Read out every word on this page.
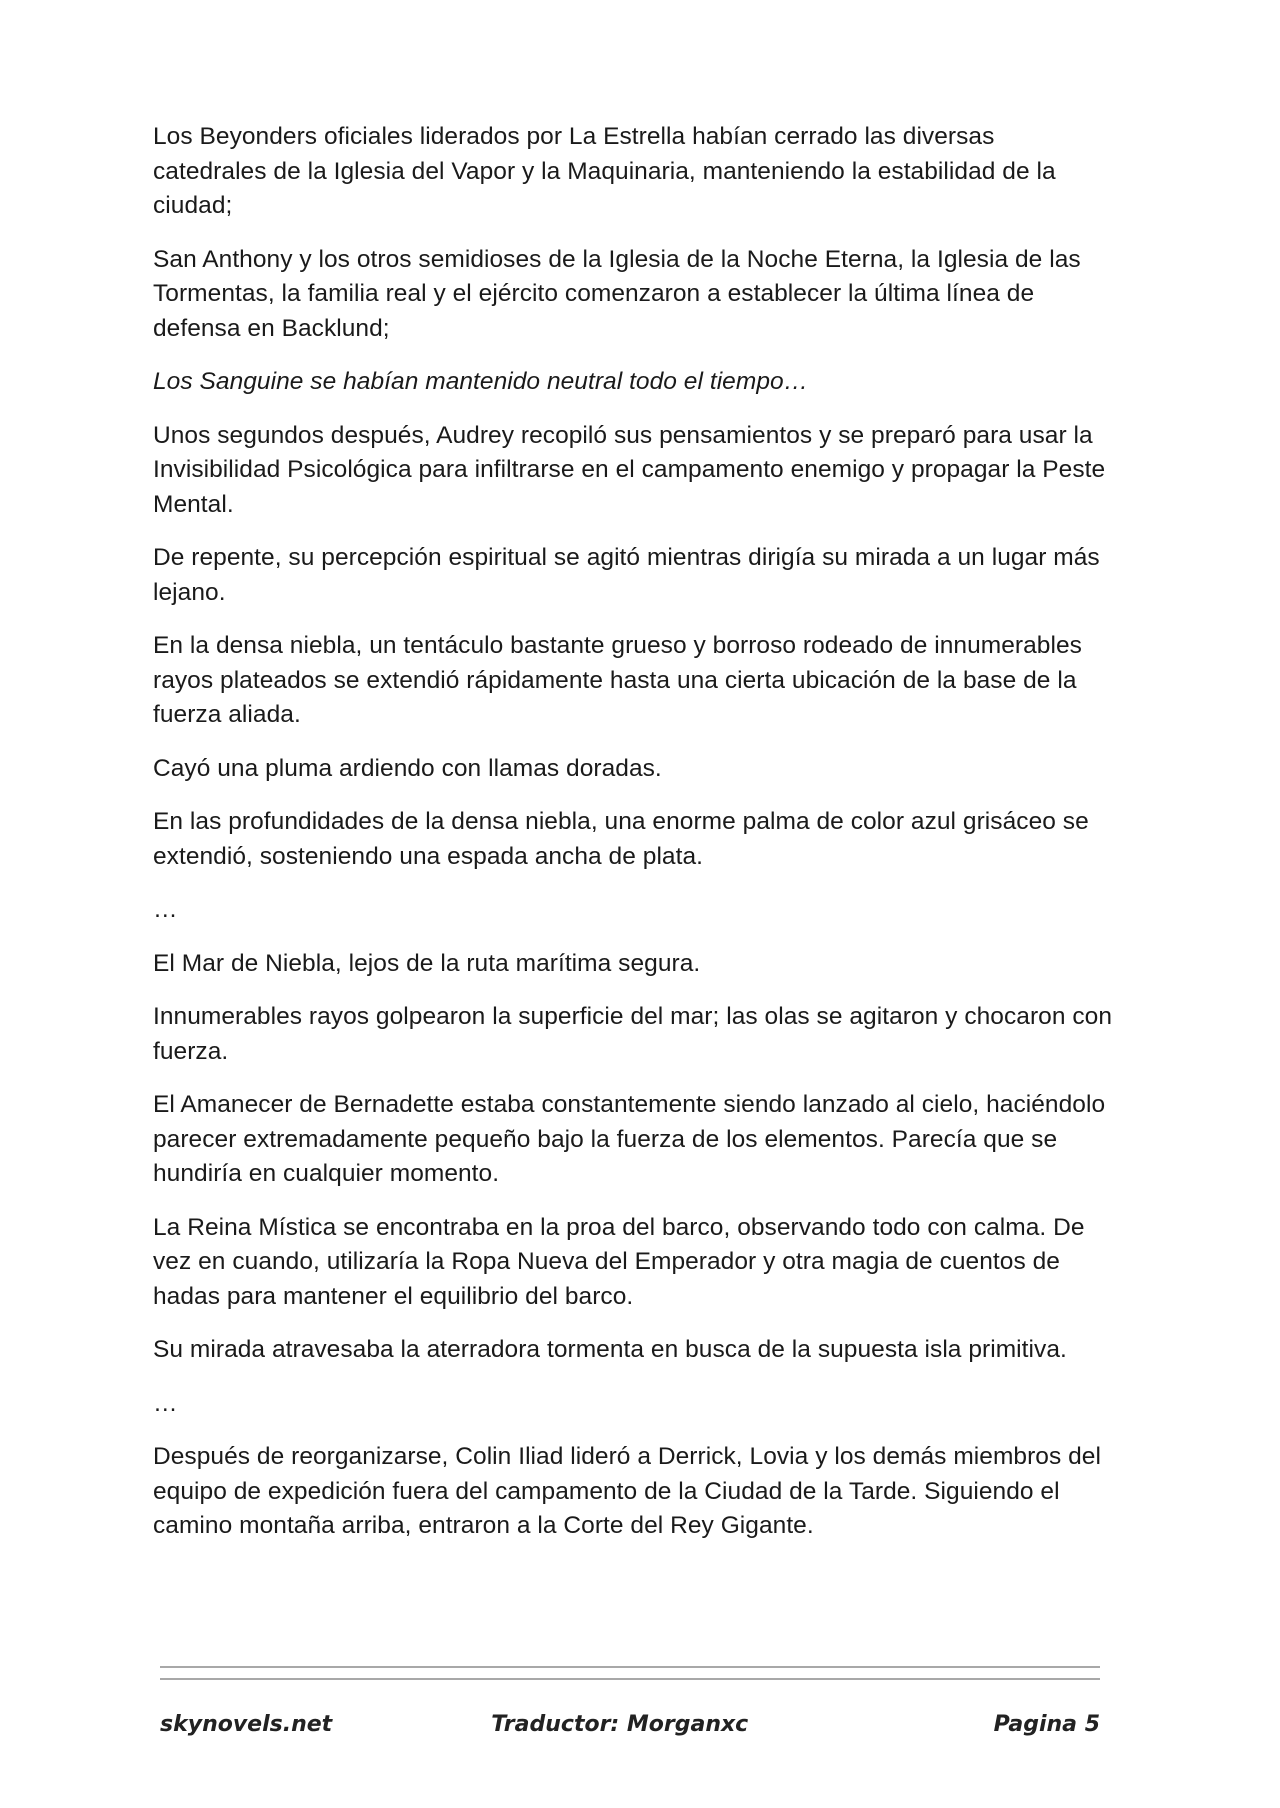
Los Beyonders oficiales liderados por La Estrella habían cerrado las diversas catedrales de la Iglesia del Vapor y la Maquinaria, manteniendo la estabilidad de la ciudad;

San Anthony y los otros semidioses de la Iglesia de la Noche Eterna, la Iglesia de las Tormentas, la familia real y el ejército comenzaron a establecer la última línea de defensa en Backlund;

Los Sanguine se habían mantenido neutral todo el tiempo…

Unos segundos después, Audrey recopiló sus pensamientos y se preparó para usar la Invisibilidad Psicológica para infiltrarse en el campamento enemigo y propagar la Peste Mental.

De repente, su percepción espiritual se agitó mientras dirigía su mirada a un lugar más lejano.

En la densa niebla, un tentáculo bastante grueso y borroso rodeado de innumerables rayos plateados se extendió rápidamente hasta una cierta ubicación de la base de la fuerza aliada.

Cayó una pluma ardiendo con llamas doradas.

En las profundidades de la densa niebla, una enorme palma de color azul grisáceo se extendió, sosteniendo una espada ancha de plata.

…

El Mar de Niebla, lejos de la ruta marítima segura.

Innumerables rayos golpearon la superficie del mar; las olas se agitaron y chocaron con fuerza.

El Amanecer de Bernadette estaba constantemente siendo lanzado al cielo, haciéndolo parecer extremadamente pequeño bajo la fuerza de los elementos. Parecía que se hundiría en cualquier momento.

La Reina Mística se encontraba en la proa del barco, observando todo con calma. De vez en cuando, utilizaría la Ropa Nueva del Emperador y otra magia de cuentos de hadas para mantener el equilibrio del barco.

Su mirada atravesaba la aterradora tormenta en busca de la supuesta isla primitiva.

…

Después de reorganizarse, Colin Iliad lideró a Derrick, Lovia y los demás miembros del equipo de expedición fuera del campamento de la Ciudad de la Tarde. Siguiendo el camino montaña arriba, entraron a la Corte del Rey Gigante.

skynovels.net	Traductor: Morganxc	Pagina 5
